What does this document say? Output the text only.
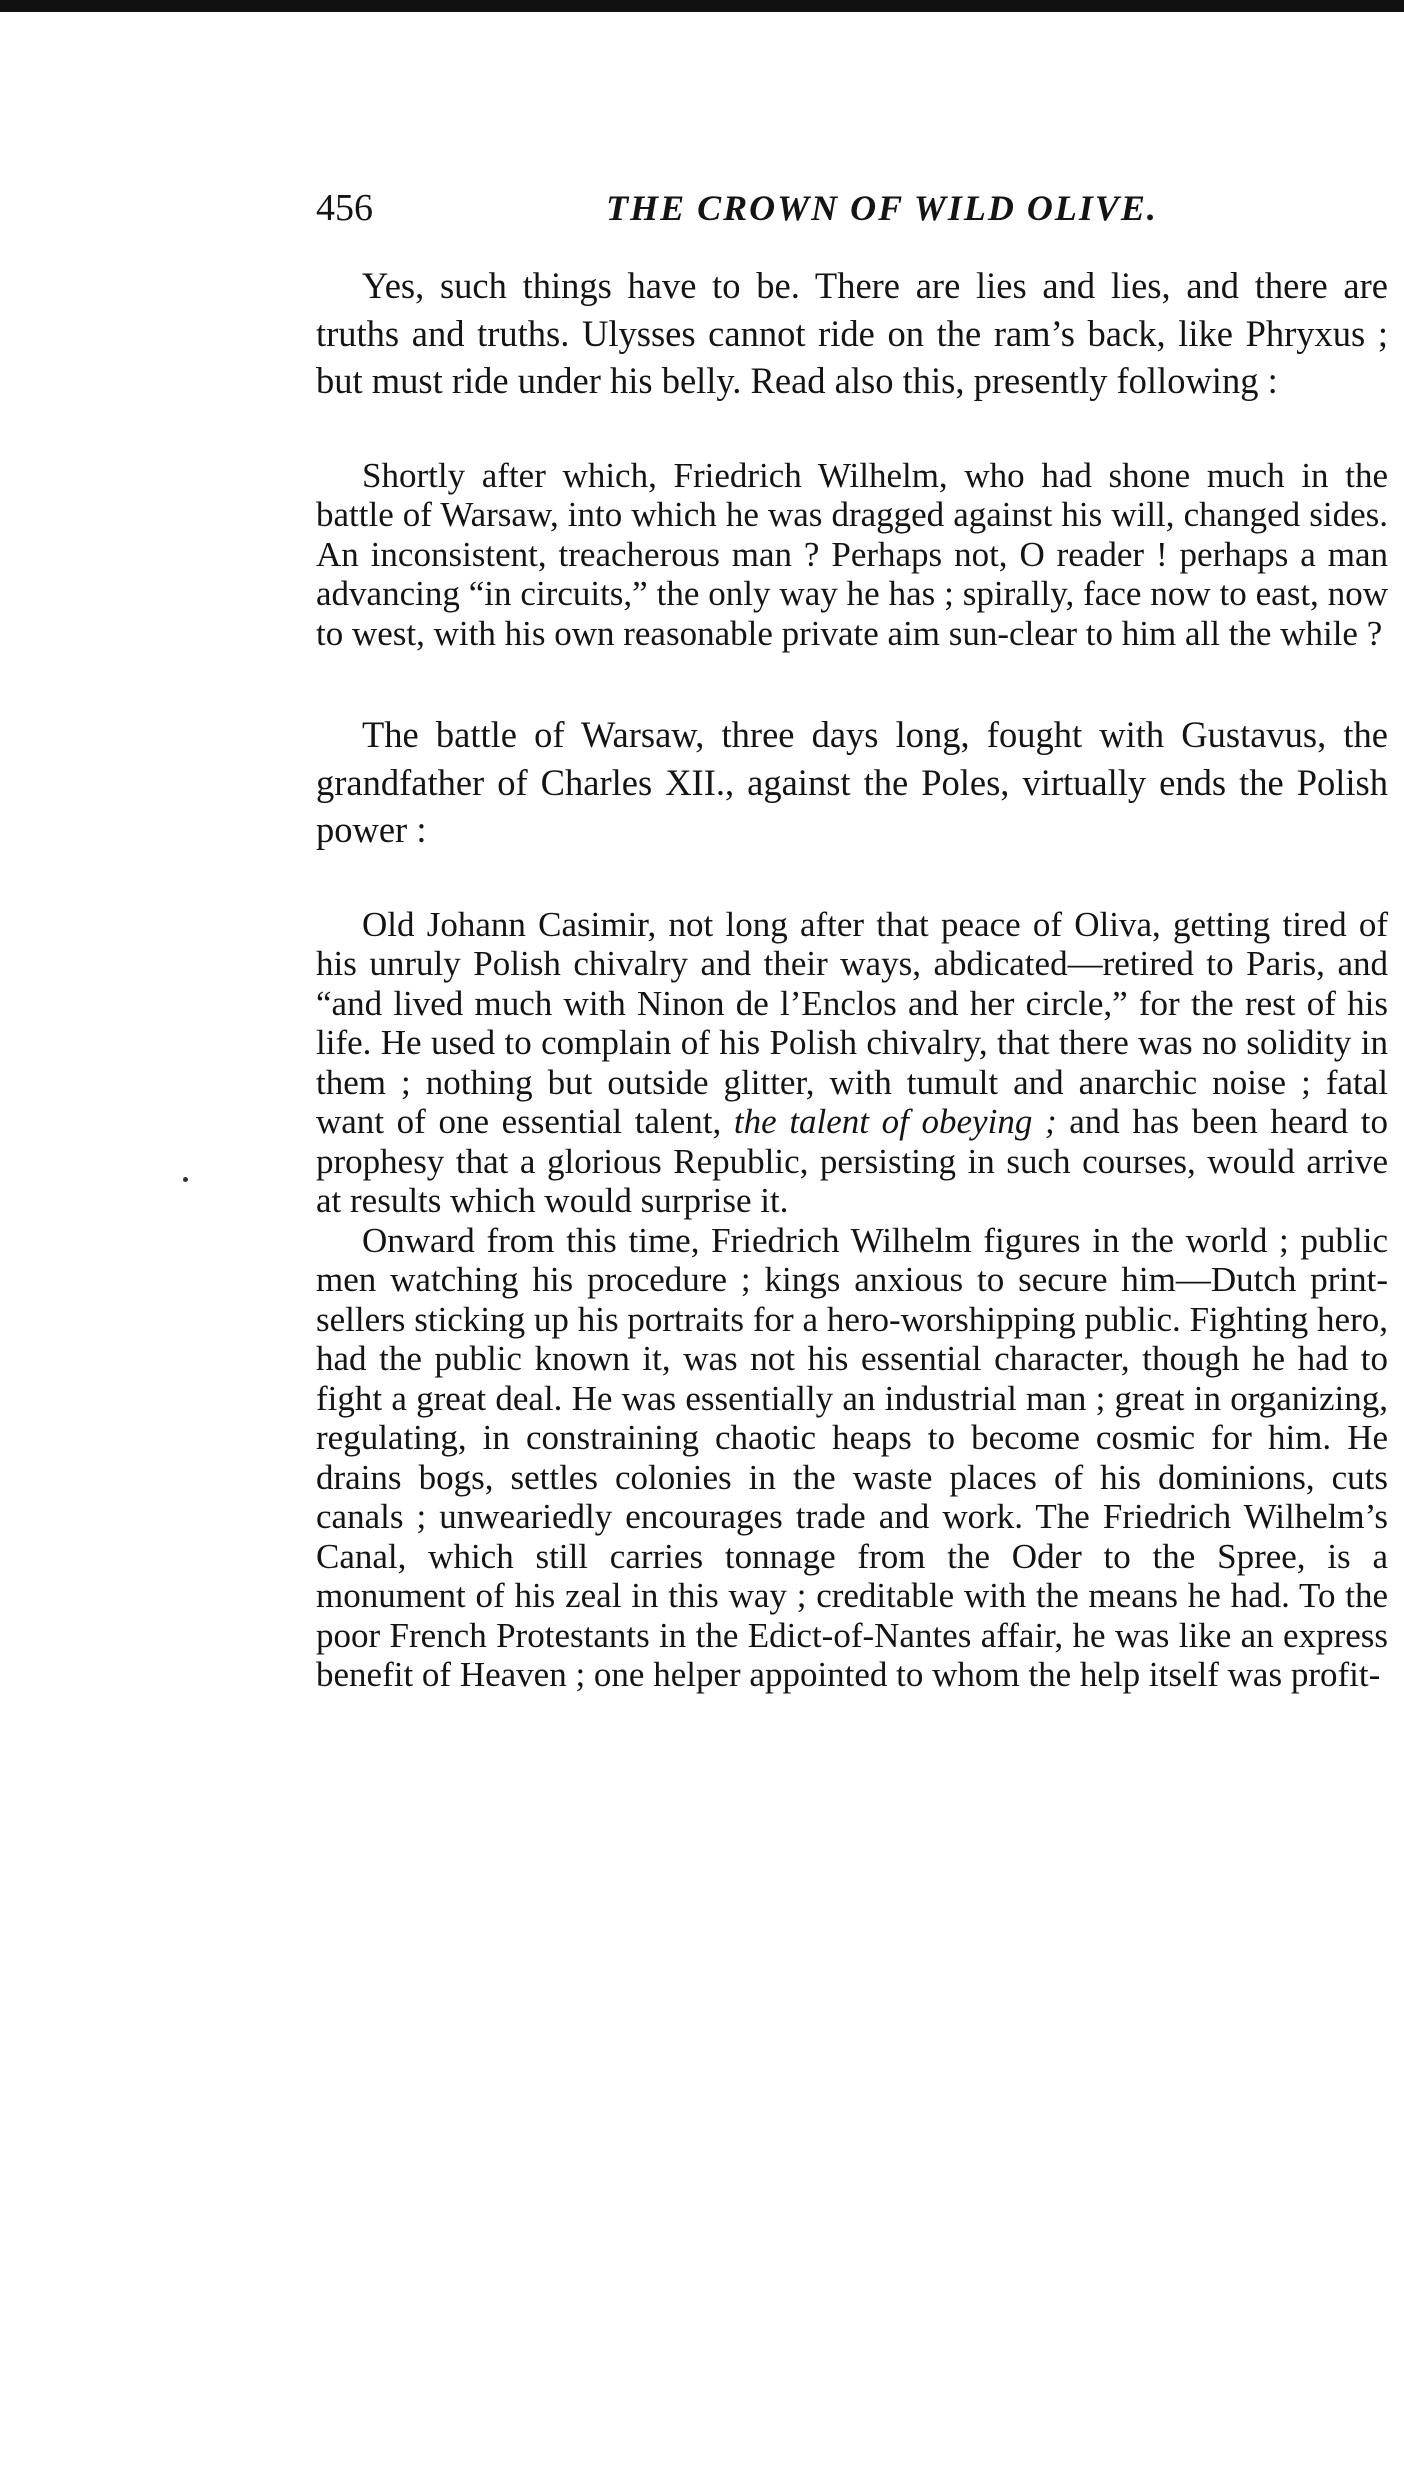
456	THE CROWN OF WILD OLIVE.

Yes, such things have to be. There are lies and lies, and there are truths and truths. Ulysses cannot ride on the ram’s back, like Phryxus ; but must ride under his belly. Read also this, presently following :

Shortly after which, Friedrich Wilhelm, who had shone much in the battle of Warsaw, into which he was dragged against his will, changed sides. An inconsistent, treacherous man ? Perhaps not, O reader ! perhaps a man advancing “in circuits,” the only way he has ; spirally, face now to east, now to west, with his own reasonable private aim sun-clear to him all the while ?

The battle of Warsaw, three days long, fought with Gustavus, the grandfather of Charles XII., against the Poles, virtually ends the Polish power :

Old Johann Casimir, not long after that peace of Oliva, getting tired of his unruly Polish chivalry and their ways, abdicated—retired to Paris, and “and lived much with Ninon de l’Enclos and her circle,” for the rest of his life. He used to complain of his Polish chivalry, that there was no solidity in them ; nothing but outside glitter, with tumult and anarchic noise ; fatal want of one essential talent, the talent of obeying ; and has been heard to prophesy that a glorious Republic, persisting in such courses, would arrive at results which would surprise it.

Onward from this time, Friedrich Wilhelm figures in the world ; public men watching his procedure ; kings anxious to secure him—Dutch print-sellers sticking up his portraits for a hero-worshipping public. Fighting hero, had the public known it, was not his essential character, though he had to fight a great deal. He was essentially an industrial man ; great in organizing, regulating, in constraining chaotic heaps to become cosmic for him. He drains bogs, settles colonies in the waste places of his dominions, cuts canals ; unweariedly encourages trade and work. The Friedrich Wilhelm’s Canal, which still carries tonnage from the Oder to the Spree, is a monument of his zeal in this way ; creditable with the means he had. To the poor French Protestants in the Edict-of-Nantes affair, he was like an express benefit of Heaven ; one helper appointed to whom the help itself was profit-
